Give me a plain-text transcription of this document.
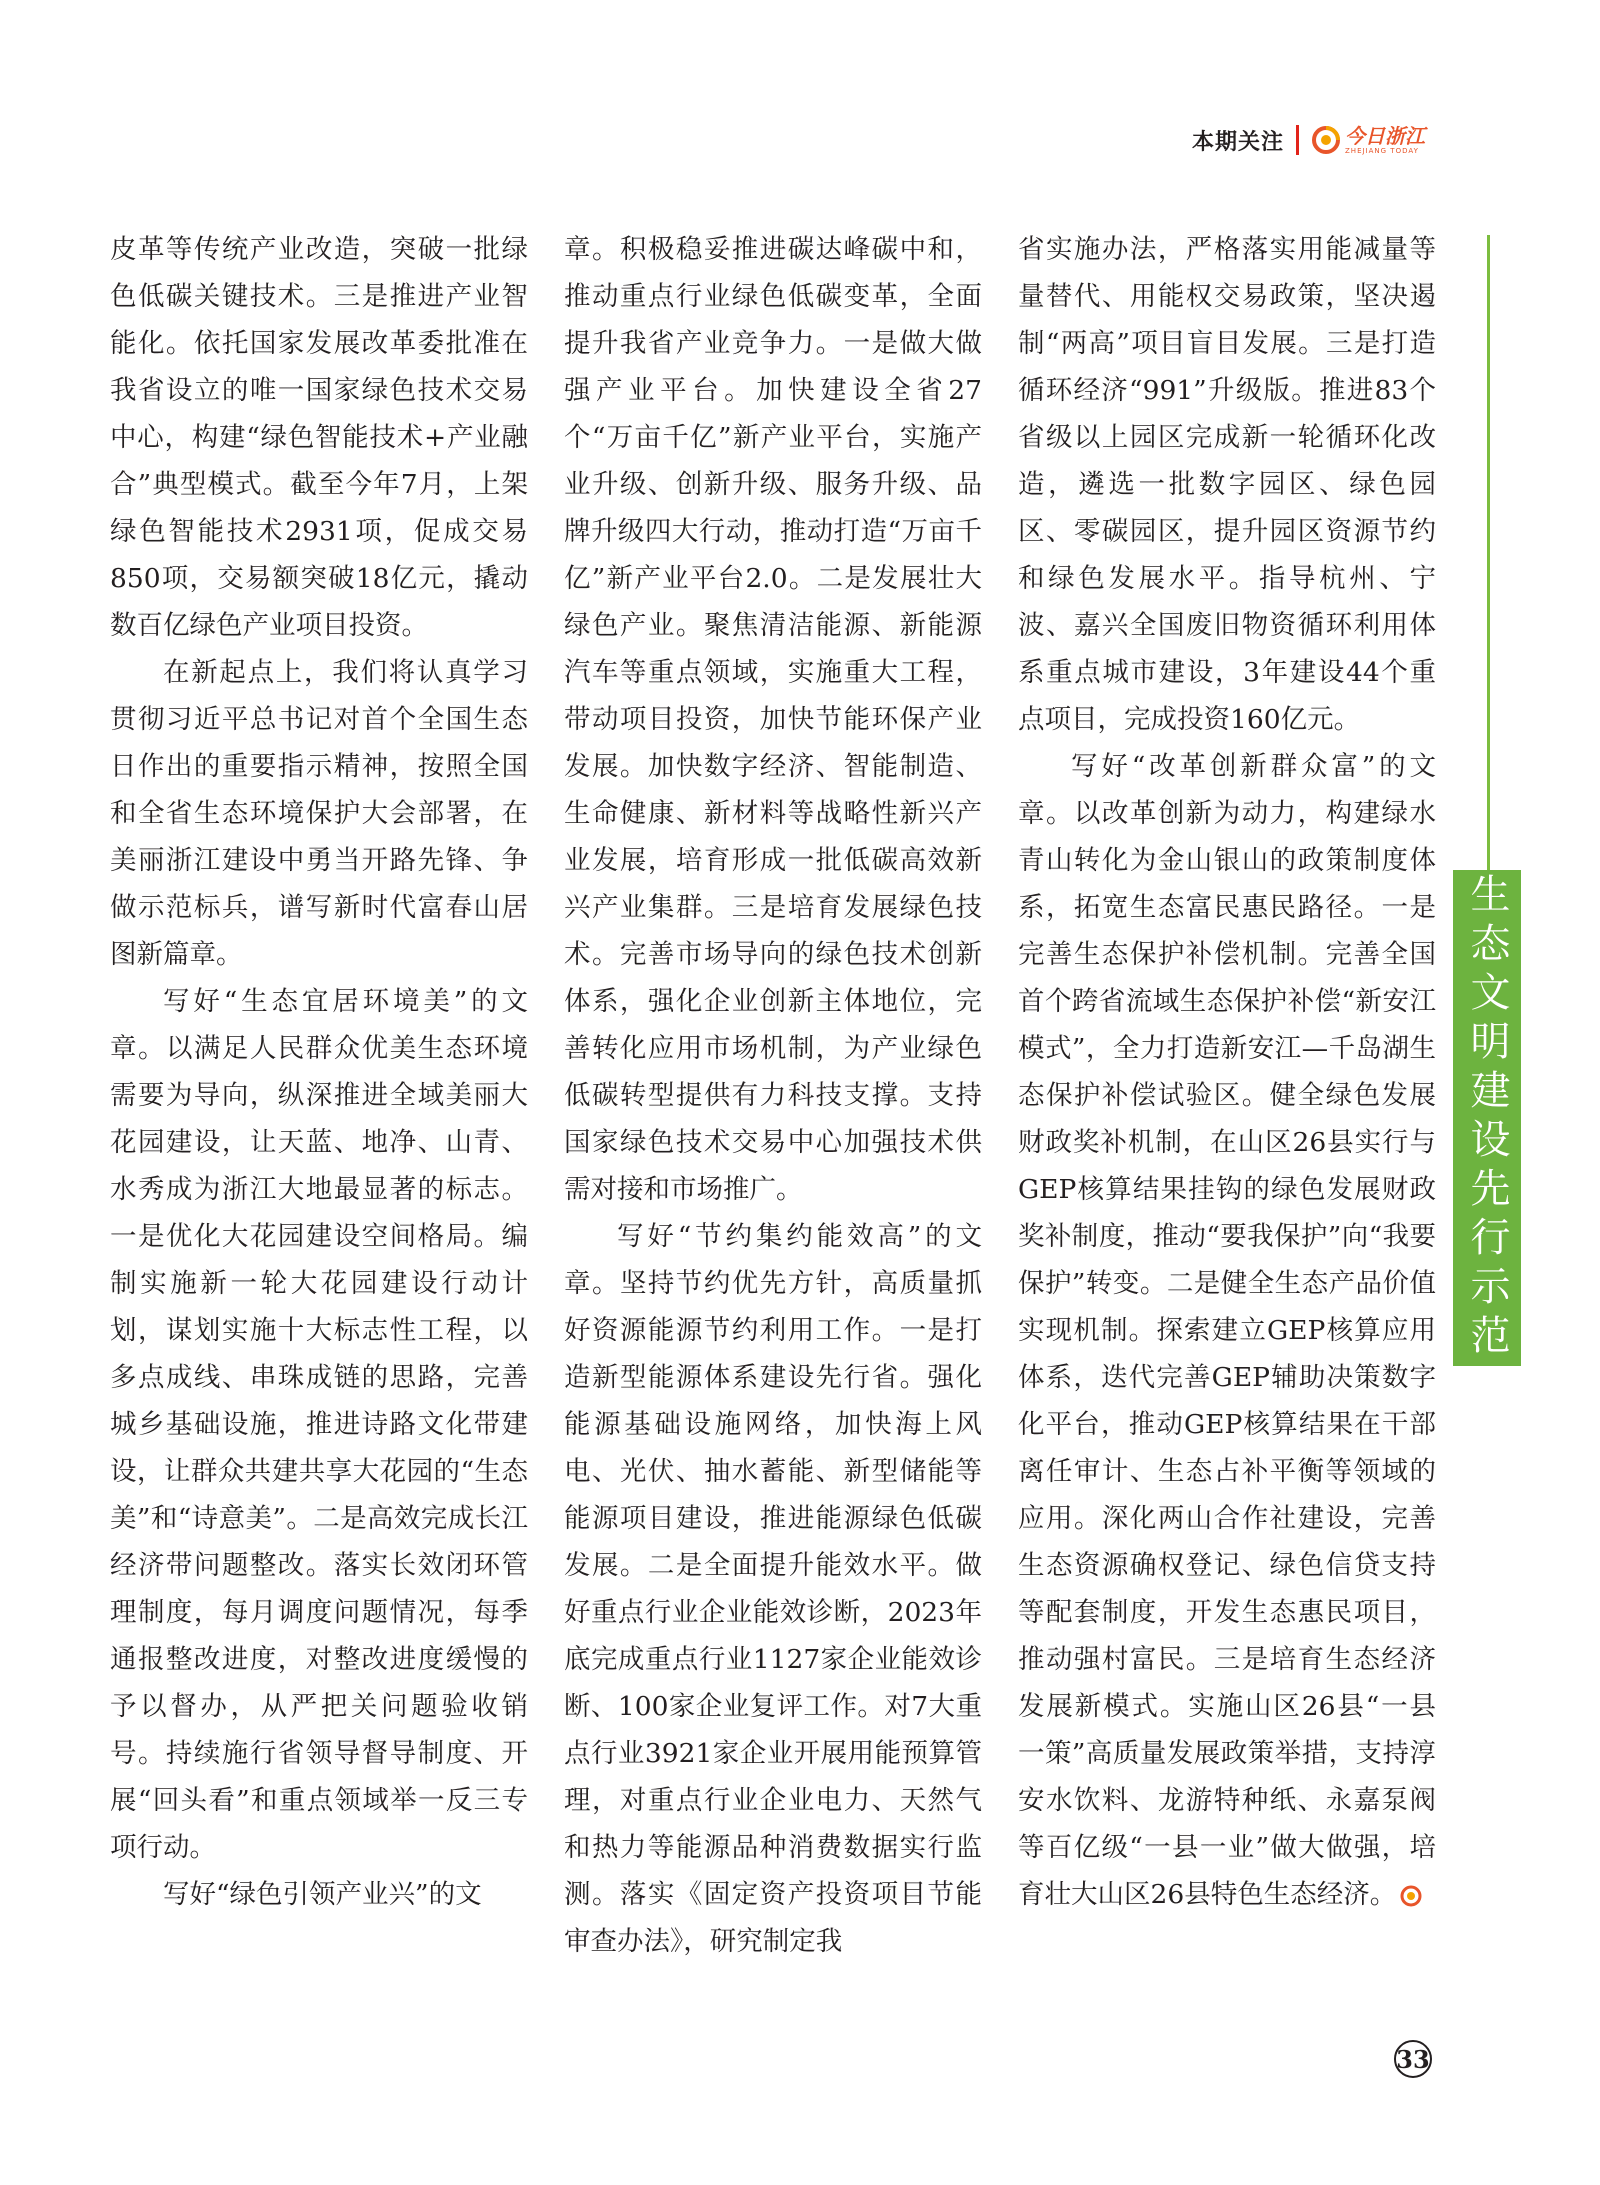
本期关注	今日浙江
ZHEJIANG TODAY

皮革等传统产业改造，突破一批绿色低碳关键技术。三是推进产业智能化。依托国家发展改革委批准在我省设立的唯一国家绿色技术交易中心，构建“绿色智能技术+产业融合”典型模式。截至今年7月，上架绿色智能技术2931项，促成交易850项，交易额突破18亿元，撬动数百亿绿色产业项目投资。

在新起点上，我们将认真学习贯彻习近平总书记对首个全国生态日作出的重要指示精神，按照全国和全省生态环境保护大会部署，在美丽浙江建设中勇当开路先锋、争做示范标兵，谱写新时代富春山居图新篇章。

写好“生态宜居环境美”的文章。以满足人民群众优美生态环境需要为导向，纵深推进全域美丽大花园建设，让天蓝、地净、山青、水秀成为浙江大地最显著的标志。一是优化大花园建设空间格局。编制实施新一轮大花园建设行动计划，谋划实施十大标志性工程，以多点成线、串珠成链的思路，完善城乡基础设施，推进诗路文化带建设，让群众共建共享大花园的“生态美”和“诗意美”。二是高效完成长江经济带问题整改。落实长效闭环管理制度，每月调度问题情况，每季通报整改进度，对整改进度缓慢的予以督办，从严把关问题验收销号。持续施行省领导督导制度、开展“回头看”和重点领域举一反三专项行动。

写好“绿色引领产业兴”的文

章。积极稳妥推进碳达峰碳中和，推动重点行业绿色低碳变革，全面提升我省产业竞争力。一是做大做强产业平台。加快建设全省27个“万亩千亿”新产业平台，实施产业升级、创新升级、服务升级、品牌升级四大行动，推动打造“万亩千亿”新产业平台2.0。二是发展壮大绿色产业。聚焦清洁能源、新能源汽车等重点领域，实施重大工程，带动项目投资，加快节能环保产业发展。加快数字经济、智能制造、生命健康、新材料等战略性新兴产业发展，培育形成一批低碳高效新兴产业集群。三是培育发展绿色技术。完善市场导向的绿色技术创新体系，强化企业创新主体地位，完善转化应用市场机制，为产业绿色低碳转型提供有力科技支撑。支持国家绿色技术交易中心加强技术供需对接和市场推广。

写好“节约集约能效高”的文章。坚持节约优先方针，高质量抓好资源能源节约利用工作。一是打造新型能源体系建设先行省。强化能源基础设施网络，加快海上风电、光伏、抽水蓄能、新型储能等能源项目建设，推进能源绿色低碳发展。二是全面提升能效水平。做好重点行业企业能效诊断，2023年底完成重点行业1127家企业能效诊断、100家企业复评工作。对7大重点行业3921家企业开展用能预算管理，对重点行业企业电力、天然气和热力等能源品种消费数据实行监测。落实《固定资产投资项目节能审查办法》，研究制定我

省实施办法，严格落实用能减量等量替代、用能权交易政策，坚决遏制“两高”项目盲目发展。三是打造循环经济“991”升级版。推进83个省级以上园区完成新一轮循环化改造，遴选一批数字园区、绿色园区、零碳园区，提升园区资源节约和绿色发展水平。指导杭州、宁波、嘉兴全国废旧物资循环利用体系重点城市建设，3年建设44个重点项目，完成投资160亿元。

写好“改革创新群众富”的文章。以改革创新为动力，构建绿水青山转化为金山银山的政策制度体系，拓宽生态富民惠民路径。一是完善生态保护补偿机制。完善全国首个跨省流域生态保护补偿“新安江模式”，全力打造新安江—千岛湖生态保护补偿试验区。健全绿色发展财政奖补机制，在山区26县实行与GEP核算结果挂钩的绿色发展财政奖补制度，推动“要我保护”向“我要保护”转变。二是健全生态产品价值实现机制。探索建立GEP核算应用体系，迭代完善GEP辅助决策数字化平台，推动GEP核算结果在干部离任审计、生态占补平衡等领域的应用。深化两山合作社建设，完善生态资源确权登记、绿色信贷支持等配套制度，开发生态惠民项目，推动强村富民。三是培育生态经济发展新模式。实施山区26县“一县一策”高质量发展政策举措，支持淳安水饮料、龙游特种纸、永嘉泵阀等百亿级“一县一业”做大做强，培育壮大山区26县特色生态经济。

生态文明建设先行示范
33
